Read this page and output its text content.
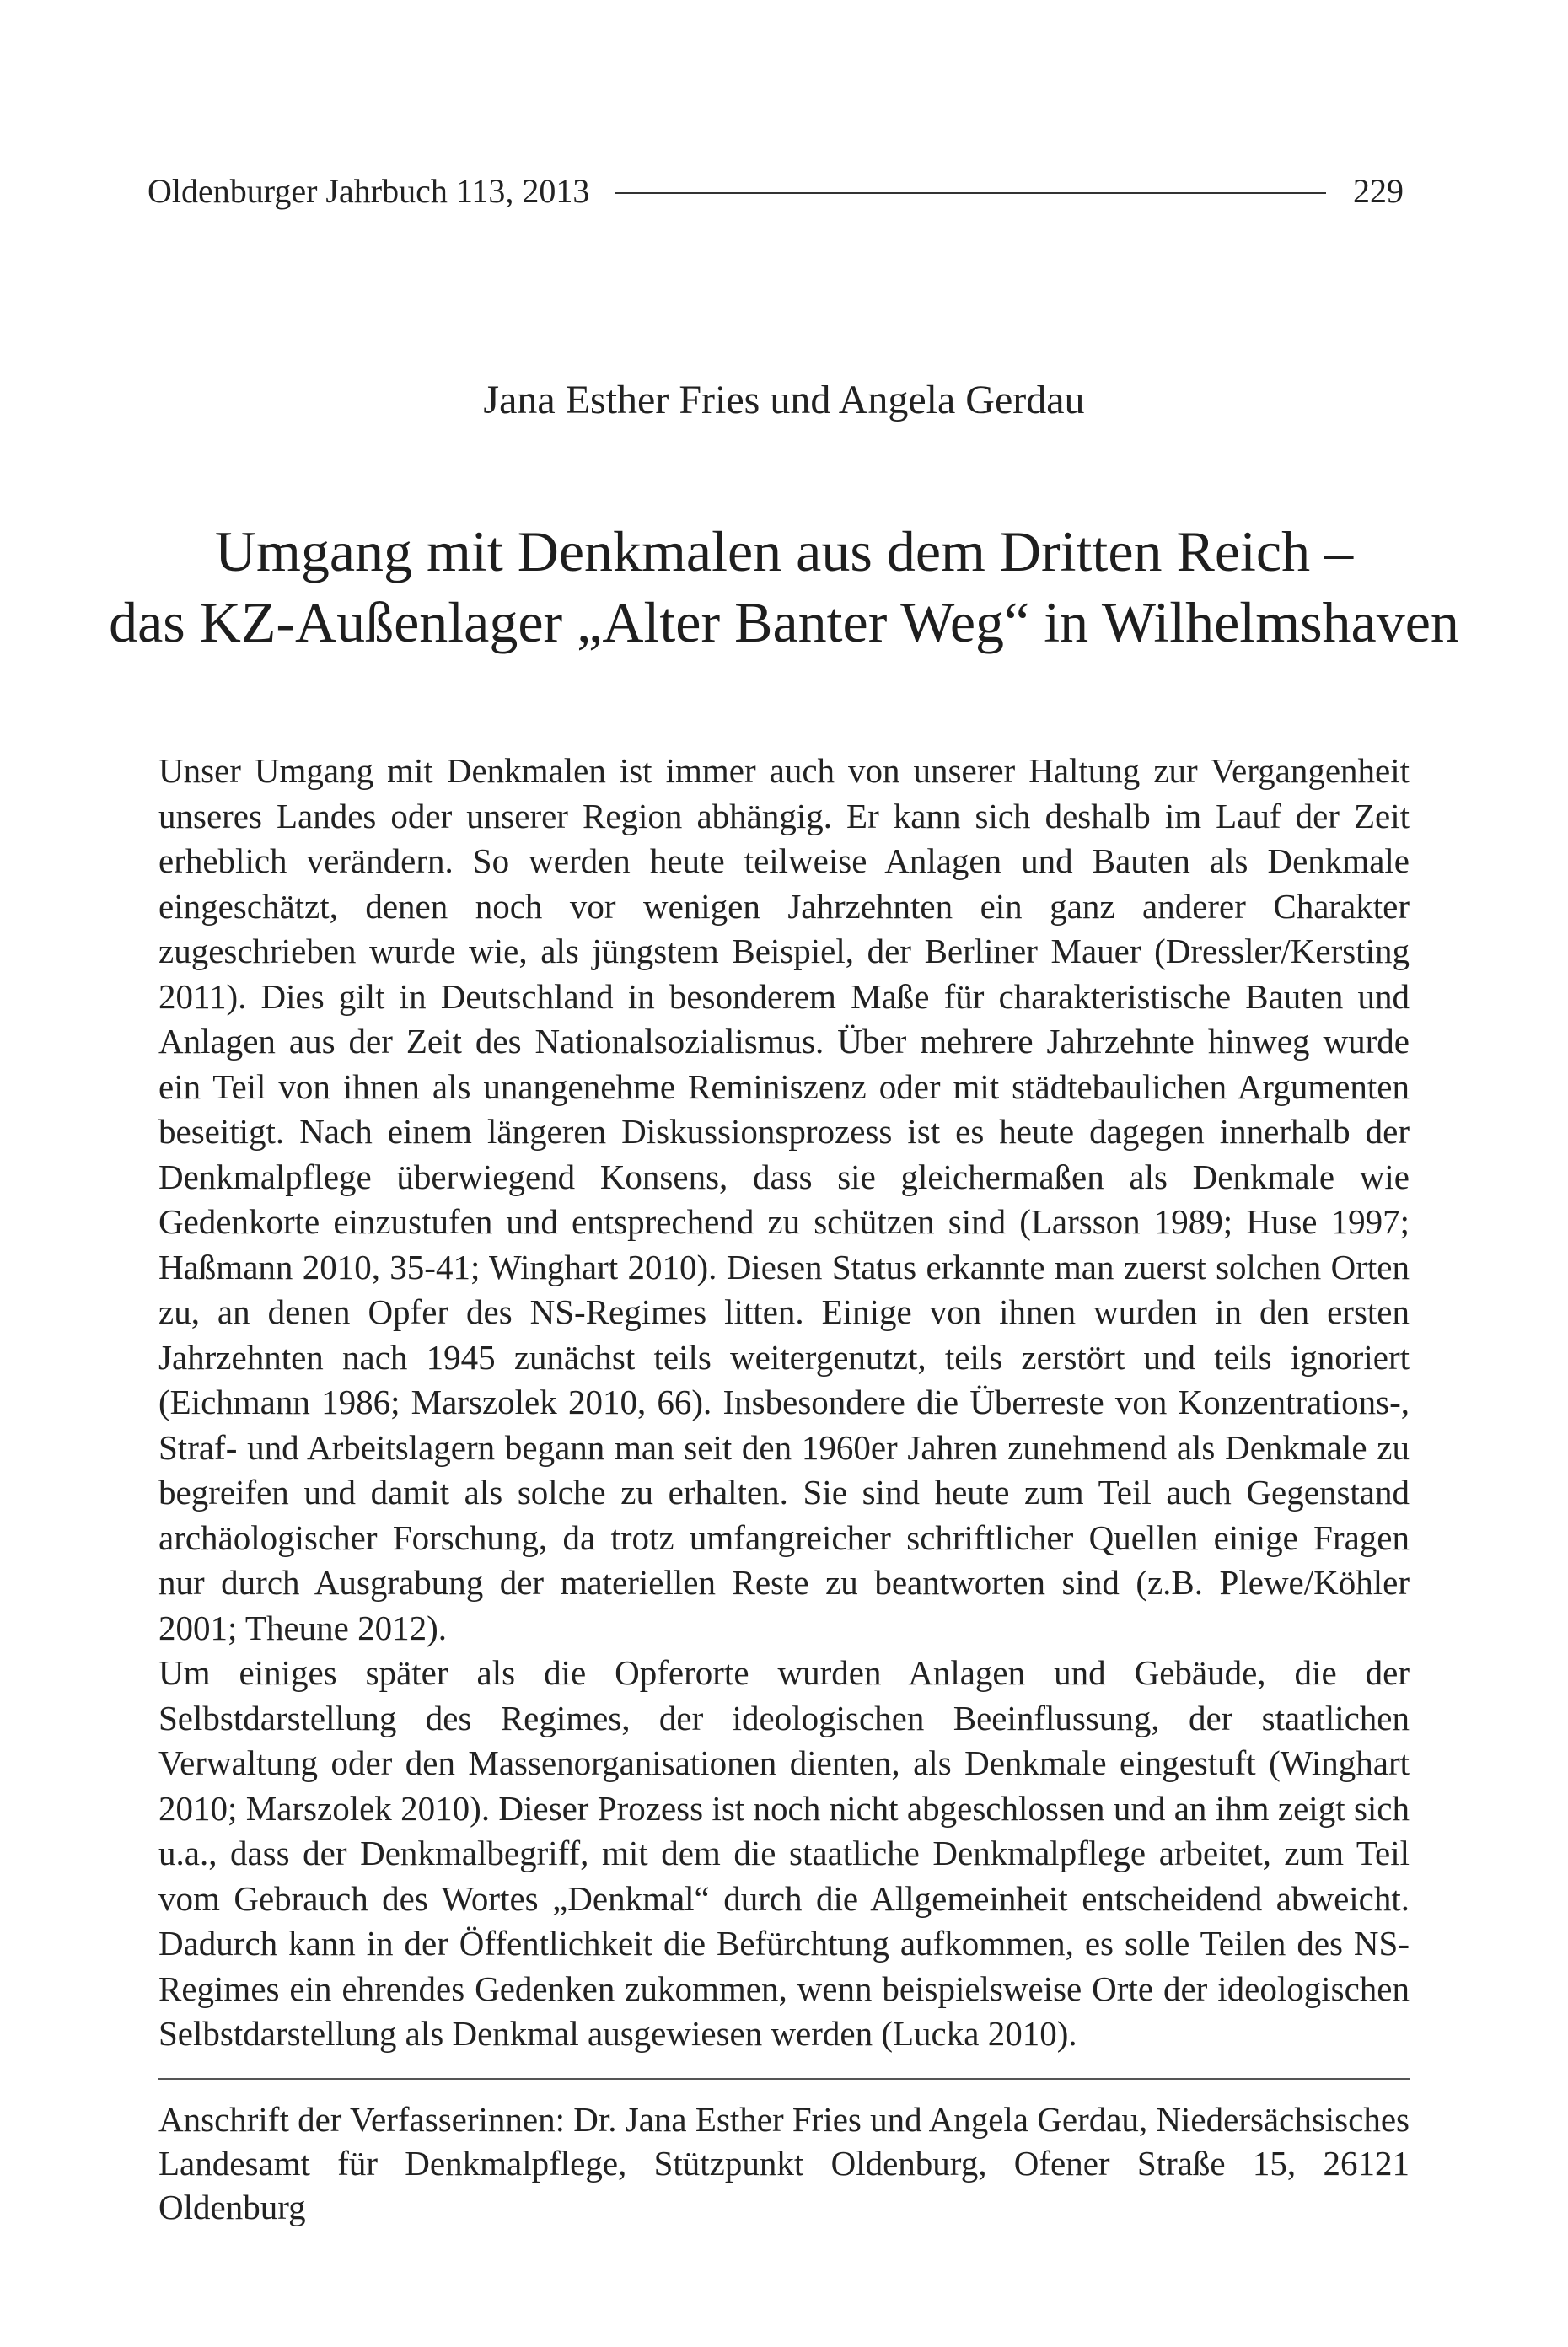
Oldenburger Jahrbuch 113, 2013	229
Jana Esther Fries und Angela Gerdau
Umgang mit Denkmalen aus dem Dritten Reich –
das KZ-Außenlager „Alter Banter Weg“ in Wilhelmshaven

Unser Umgang mit Denkmalen ist immer auch von unserer Haltung zur Vergangenheit unseres Landes oder unserer Region abhängig. Er kann sich deshalb im Lauf der Zeit erheblich verändern. So werden heute teilweise Anlagen und Bauten als Denkmale eingeschätzt, denen noch vor wenigen Jahrzehnten ein ganz anderer Charakter zugeschrieben wurde wie, als jüngstem Beispiel, der Berliner Mauer (Dressler/Kersting 2011). Dies gilt in Deutschland in besonderem Maße für charakteristische Bauten und Anlagen aus der Zeit des Nationalsozialismus. Über mehrere Jahrzehnte hinweg wurde ein Teil von ihnen als unangenehme Reminiszenz oder mit städtebaulichen Argumenten beseitigt. Nach einem längeren Diskussionsprozess ist es heute dagegen innerhalb der Denkmalpflege überwiegend Konsens, dass sie gleichermaßen als Denkmale wie Gedenkorte einzustufen und entsprechend zu schützen sind (Larsson 1989; Huse 1997; Haßmann 2010, 35-41; Winghart 2010). Diesen Status erkannte man zuerst solchen Orten zu, an denen Opfer des NS-Regimes litten. Einige von ihnen wurden in den ersten Jahrzehnten nach 1945 zunächst teils weitergenutzt, teils zerstört und teils ignoriert (Eichmann 1986; Marszolek 2010, 66). Insbesondere die Überreste von Konzentrations-, Straf- und Arbeitslagern begann man seit den 1960er Jahren zunehmend als Denkmale zu begreifen und damit als solche zu erhalten. Sie sind heute zum Teil auch Gegenstand archäologischer Forschung, da trotz umfangreicher schriftlicher Quellen einige Fragen nur durch Ausgrabung der materiellen Reste zu beantworten sind (z.B. Plewe/Köhler 2001; Theune 2012).

Um einiges später als die Opferorte wurden Anlagen und Gebäude, die der Selbstdarstellung des Regimes, der ideologischen Beeinflussung, der staatlichen Verwaltung oder den Massenorganisationen dienten, als Denkmale eingestuft (Winghart 2010; Marszolek 2010). Dieser Prozess ist noch nicht abgeschlossen und an ihm zeigt sich u.a., dass der Denkmalbegriff, mit dem die staatliche Denkmalpflege arbeitet, zum Teil vom Gebrauch des Wortes „Denkmal“ durch die Allgemeinheit entscheidend abweicht. Dadurch kann in der Öffentlichkeit die Befürchtung aufkommen, es solle Teilen des NS-Regimes ein ehrendes Gedenken zukommen, wenn beispielsweise Orte der ideologischen Selbstdarstellung als Denkmal ausgewiesen werden (Lucka 2010).

Anschrift der Verfasserinnen: Dr. Jana Esther Fries und Angela Gerdau, Niedersächsisches Landesamt für Denkmalpflege, Stützpunkt Oldenburg, Ofener Straße 15, 26121 Oldenburg
